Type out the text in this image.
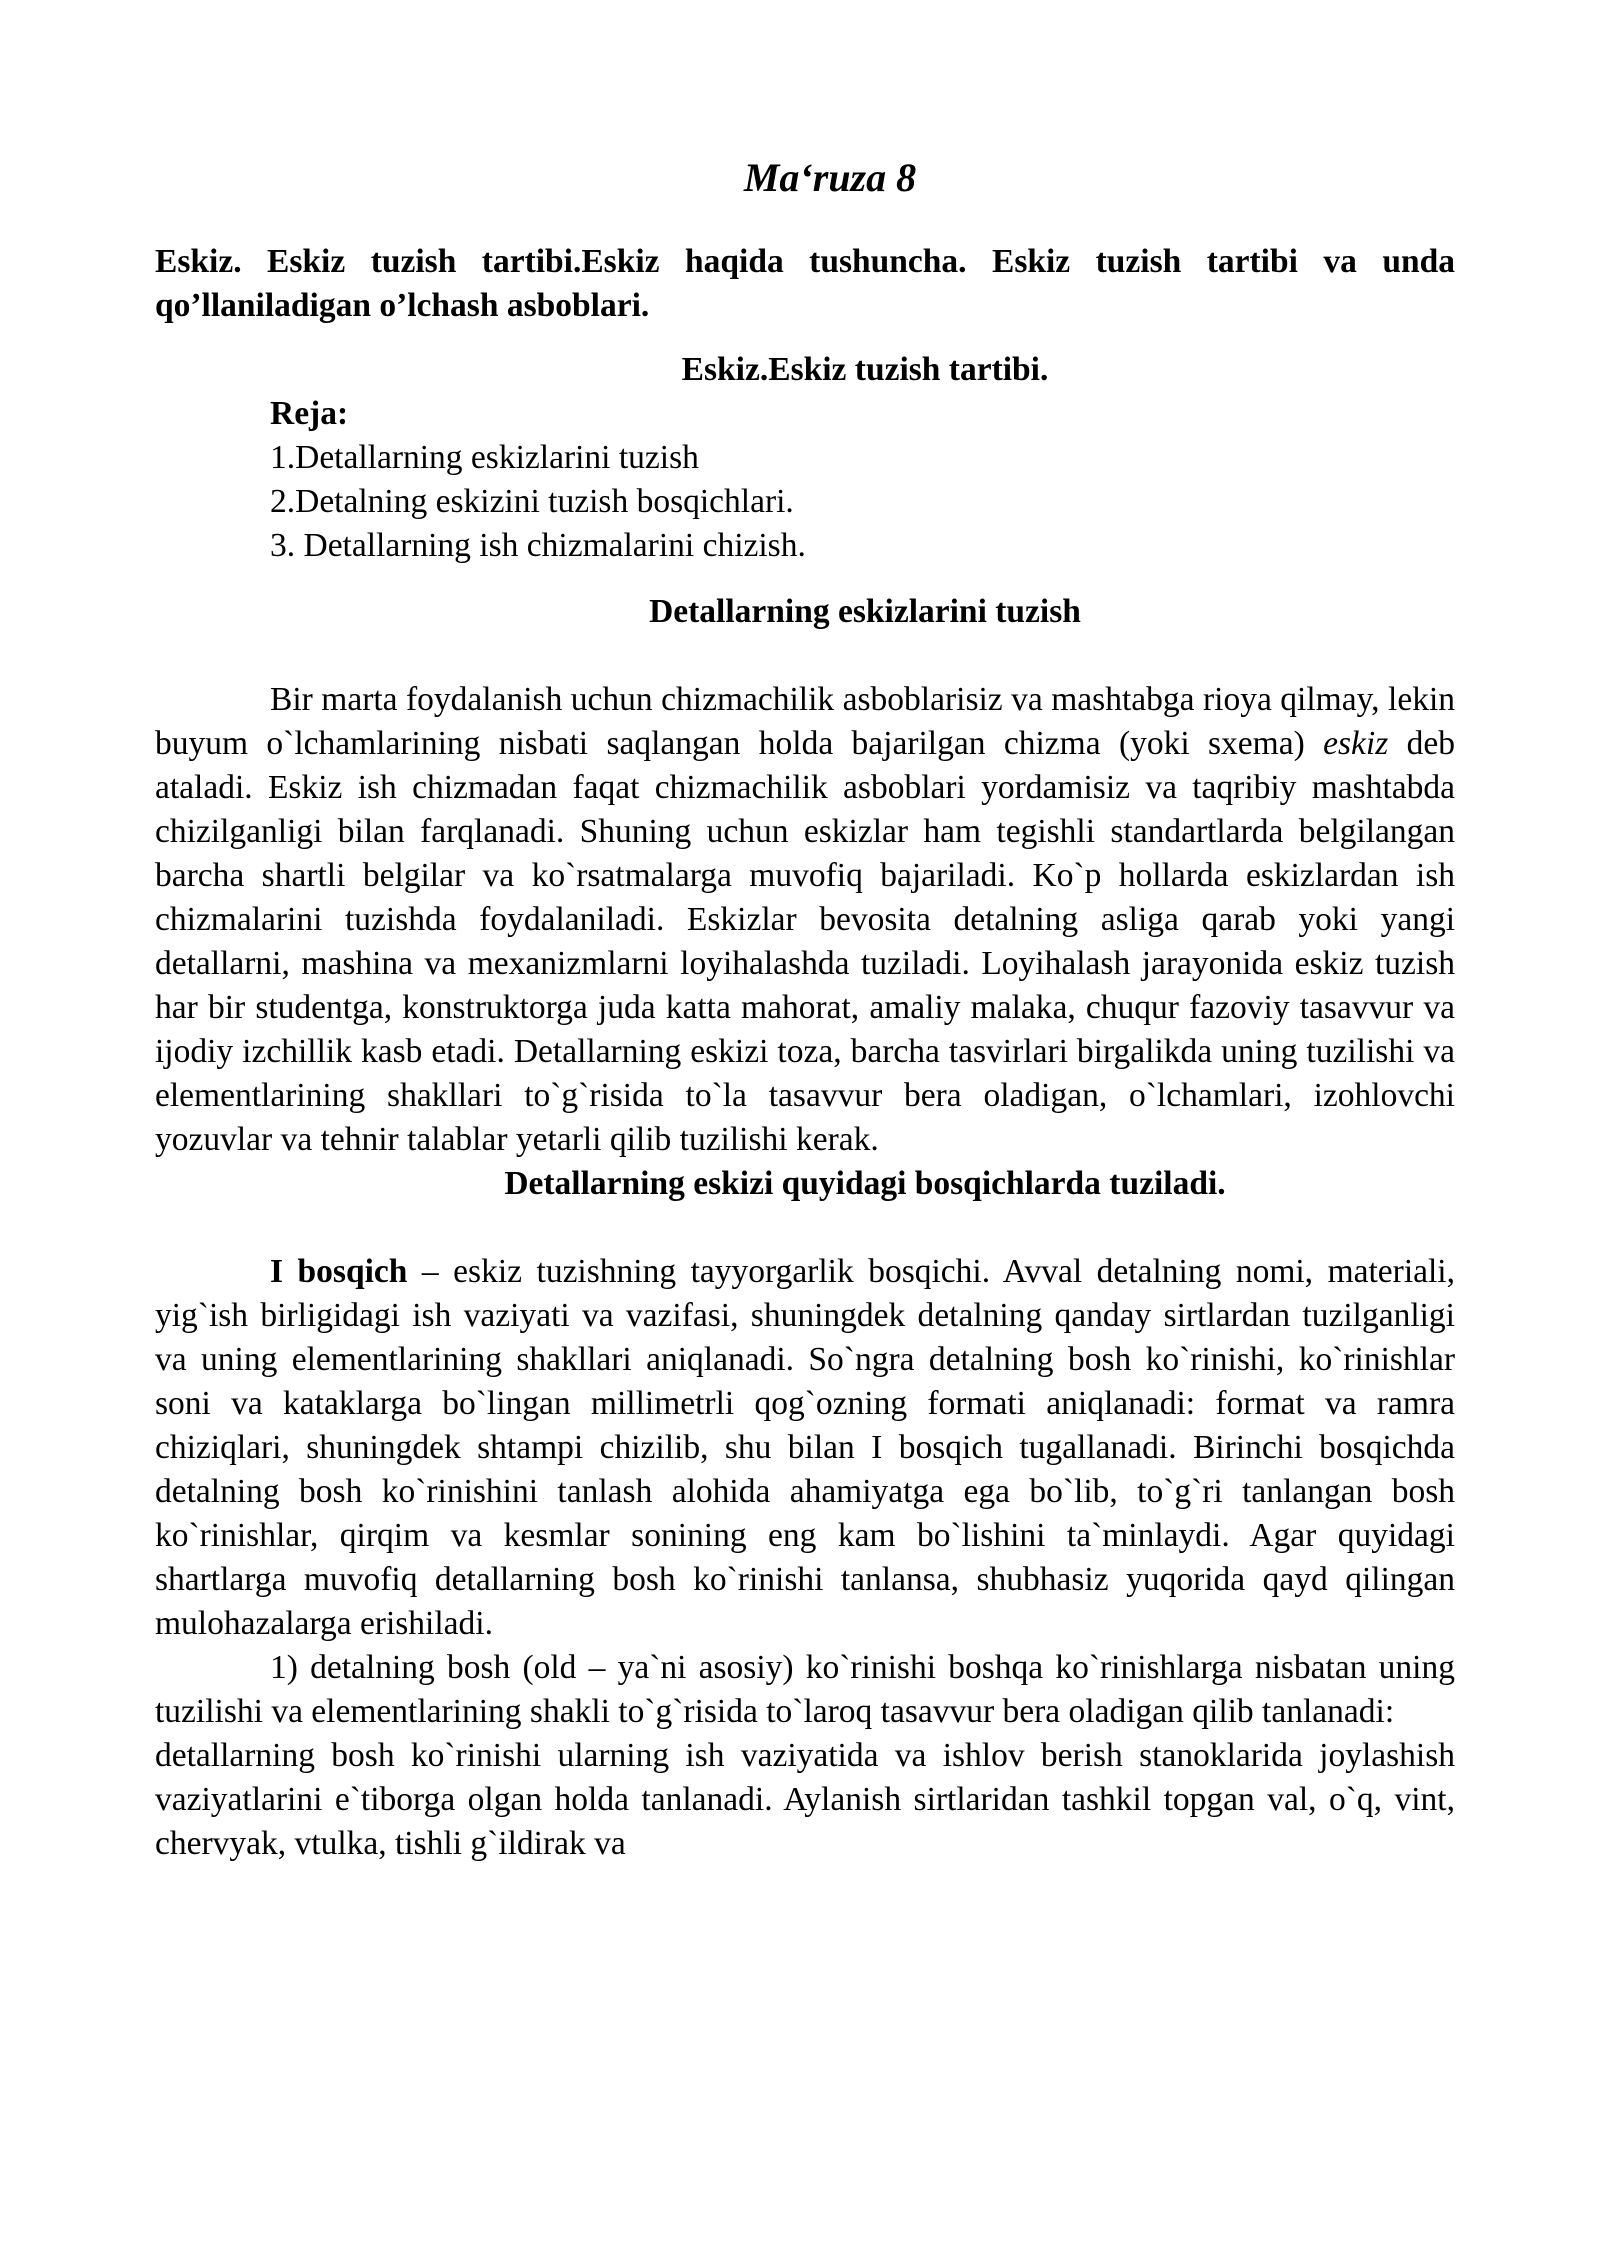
Ma‘ruza 8

Eskiz. Eskiz tuzish tartibi.Eskiz haqida tushuncha. Eskiz tuzish tartibi va unda qo’llaniladigan o’lchash asboblari.

Eskiz.Eskiz tuzish tartibi.

Reja:
1.Detallarning eskizlarini tuzish
2.Detalning eskizini tuzish bosqichlari.
3. Detallarning ish chizmalarini chizish.

Detallarning eskizlarini tuzish

Bir marta foydalanish uchun chizmachilik asboblarisiz va mashtabga rioya qilmay, lekin buyum o`lchamlarining nisbati saqlangan holda bajarilgan chizma (yoki sxema) eskiz deb ataladi. Eskiz ish chizmadan faqat chizmachilik asboblari yordamisiz va taqribiy mashtabda chizilganligi bilan farqlanadi. Shuning uchun eskizlar ham tegishli standartlarda belgilangan barcha shartli belgilar va ko`rsatmalarga muvofiq bajariladi. Ko`p hollarda eskizlardan ish chizmalarini tuzishda foydalaniladi. Eskizlar bevosita detalning asliga qarab yoki yangi detallarni, mashina va mexanizmlarni loyihalashda tuziladi. Loyihalash jarayonida eskiz tuzish har bir studentga, konstruktorga juda katta mahorat, amaliy malaka, chuqur fazoviy tasavvur va ijodiy izchillik kasb etadi. Detallarning eskizi toza, barcha tasvirlari birgalikda uning tuzilishi va elementlarining shakllari to`g`risida to`la tasavvur bera oladigan, o`lchamlari, izohlovchi yozuvlar va tehnir talablar yetarli qilib tuzilishi kerak.

Detallarning eskizi quyidagi bosqichlarda tuziladi.

I bosqich – eskiz tuzishning tayyorgarlik bosqichi. Avval detalning nomi, materiali, yig`ish birligidagi ish vaziyati va vazifasi, shuningdek detalning qanday sirtlardan tuzilganligi va uning elementlarining shakllari aniqlanadi. So`ngra detalning bosh ko`rinishi, ko`rinishlar soni va kataklarga bo`lingan millimetrli qog`ozning formati aniqlanadi: format va ramra chiziqlari, shuningdek shtampi chizilib, shu bilan I bosqich tugallanadi. Birinchi bosqichda detalning bosh ko`rinishini tanlash alohida ahamiyatga ega bo`lib, to`g`ri tanlangan bosh ko`rinishlar, qirqim va kesmlar sonining eng kam bo`lishini ta`minlaydi. Agar quyidagi shartlarga muvofiq detallarning bosh ko`rinishi tanlansa, shubhasiz yuqorida qayd qilingan mulohazalarga erishiladi.

1) detalning bosh (old – ya`ni asosiy) ko`rinishi boshqa ko`rinishlarga nisbatan uning tuzilishi va elementlarining shakli to`g`risida to`laroq tasavvur bera oladigan qilib tanlanadi:

detallarning bosh ko`rinishi ularning ish vaziyatida va ishlov berish stanoklarida joylashish vaziyatlarini e`tiborga olgan holda tanlanadi. Aylanish sirtlaridan tashkil topgan val, o`q, vint, chervyak, vtulka, tishli g`ildirak va
